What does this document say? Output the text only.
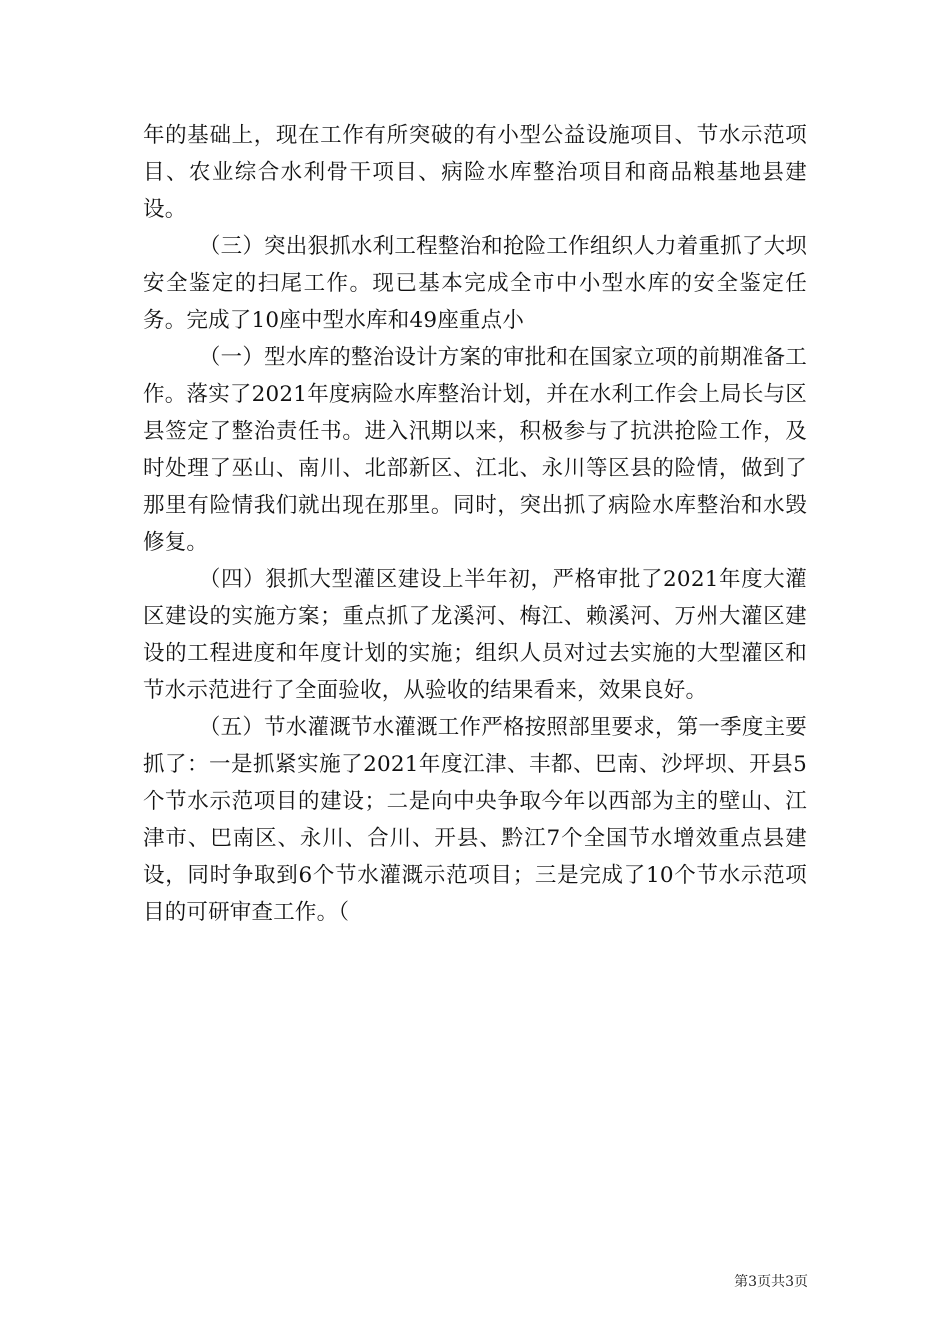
年的基础上，现在工作有所突破的有小型公益设施项目、节水示范项目、农业综合水利骨干项目、病险水库整治项目和商品粮基地县建设。

（三）突出狠抓水利工程整治和抢险工作组织人力着重抓了大坝安全鉴定的扫尾工作。现已基本完成全市中小型水库的安全鉴定任务。完成了10座中型水库和49座重点小

（一）型水库的整治设计方案的审批和在国家立项的前期准备工作。落实了2021年度病险水库整治计划，并在水利工作会上局长与区县签定了整治责任书。进入汛期以来，积极参与了抗洪抢险工作，及时处理了巫山、南川、北部新区、江北、永川等区县的险情，做到了那里有险情我们就出现在那里。同时，突出抓了病险水库整治和水毁修复。

（四）狠抓大型灌区建设上半年初，严格审批了2021年度大灌区建设的实施方案；重点抓了龙溪河、梅江、赖溪河、万州大灌区建设的工程进度和年度计划的实施；组织人员对过去实施的大型灌区和节水示范进行了全面验收，从验收的结果看来，效果良好。

（五）节水灌溉节水灌溉工作严格按照部里要求，第一季度主要抓了：一是抓紧实施了2021年度江津、丰都、巴南、沙坪坝、开县5个节水示范项目的建设；二是向中央争取今年以西部为主的壁山、江津市、巴南区、永川、合川、开县、黔江7个全国节水增效重点县建设，同时争取到6个节水灌溉示范项目；三是完成了10个节水示范项目的可研审查工作。（

第3页共3页
